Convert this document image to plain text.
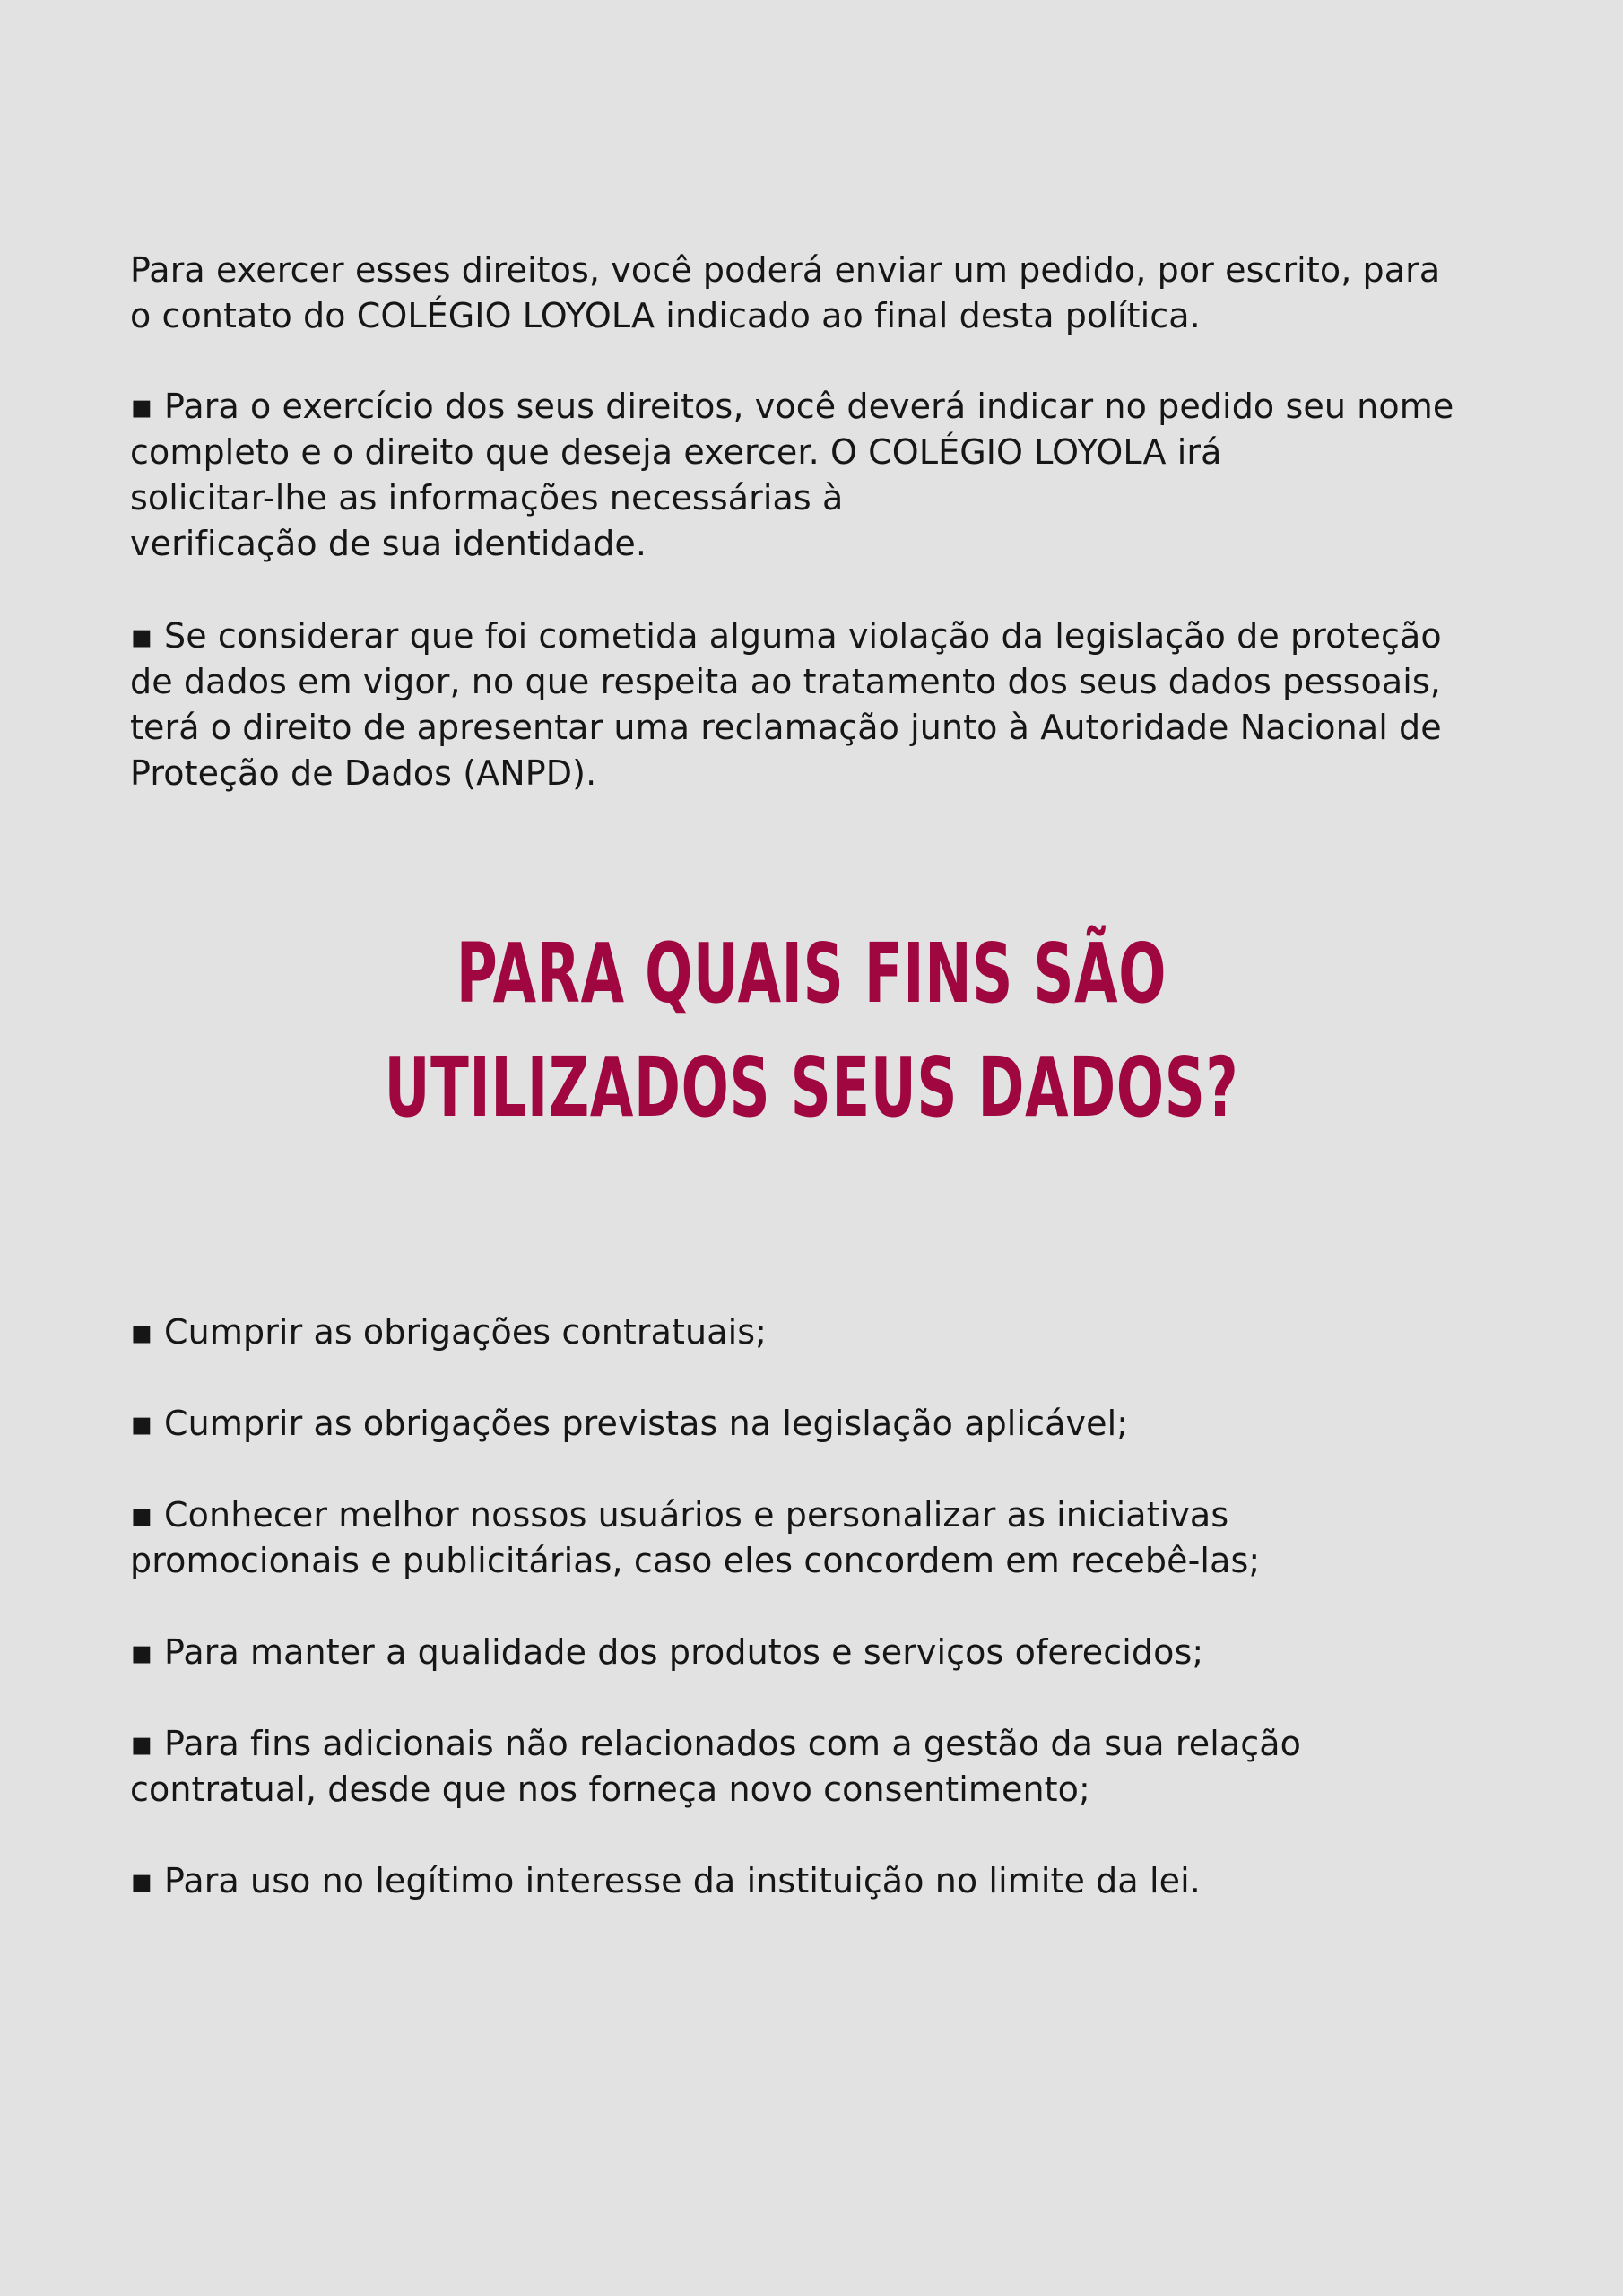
Para exercer esses direitos, você poderá enviar um pedido, por escrito, para
o contato do COLÉGIO LOYOLA indicado ao final desta política.

▪ Para o exercício dos seus direitos, você deverá indicar no pedido seu nome
completo e o direito que deseja exercer. O COLÉGIO LOYOLA irá
solicitar-lhe as informações necessárias à
verificação de sua identidade.

▪ Se considerar que foi cometida alguma violação da legislação de proteção
de dados em vigor, no que respeita ao tratamento dos seus dados pessoais,
terá o direito de apresentar uma reclamação junto à Autoridade Nacional de
Proteção de Dados (ANPD).

PARA QUAIS FINS SÃO
UTILIZADOS SEUS DADOS?

▪ Cumprir as obrigações contratuais;

▪ Cumprir as obrigações previstas na legislação aplicável;

▪ Conhecer melhor nossos usuários e personalizar as iniciativas
promocionais e publicitárias, caso eles concordem em recebê-las;

▪ Para manter a qualidade dos produtos e serviços oferecidos;

▪ Para fins adicionais não relacionados com a gestão da sua relação
contratual, desde que nos forneça novo consentimento;

▪ Para uso no legítimo interesse da instituição no limite da lei.
